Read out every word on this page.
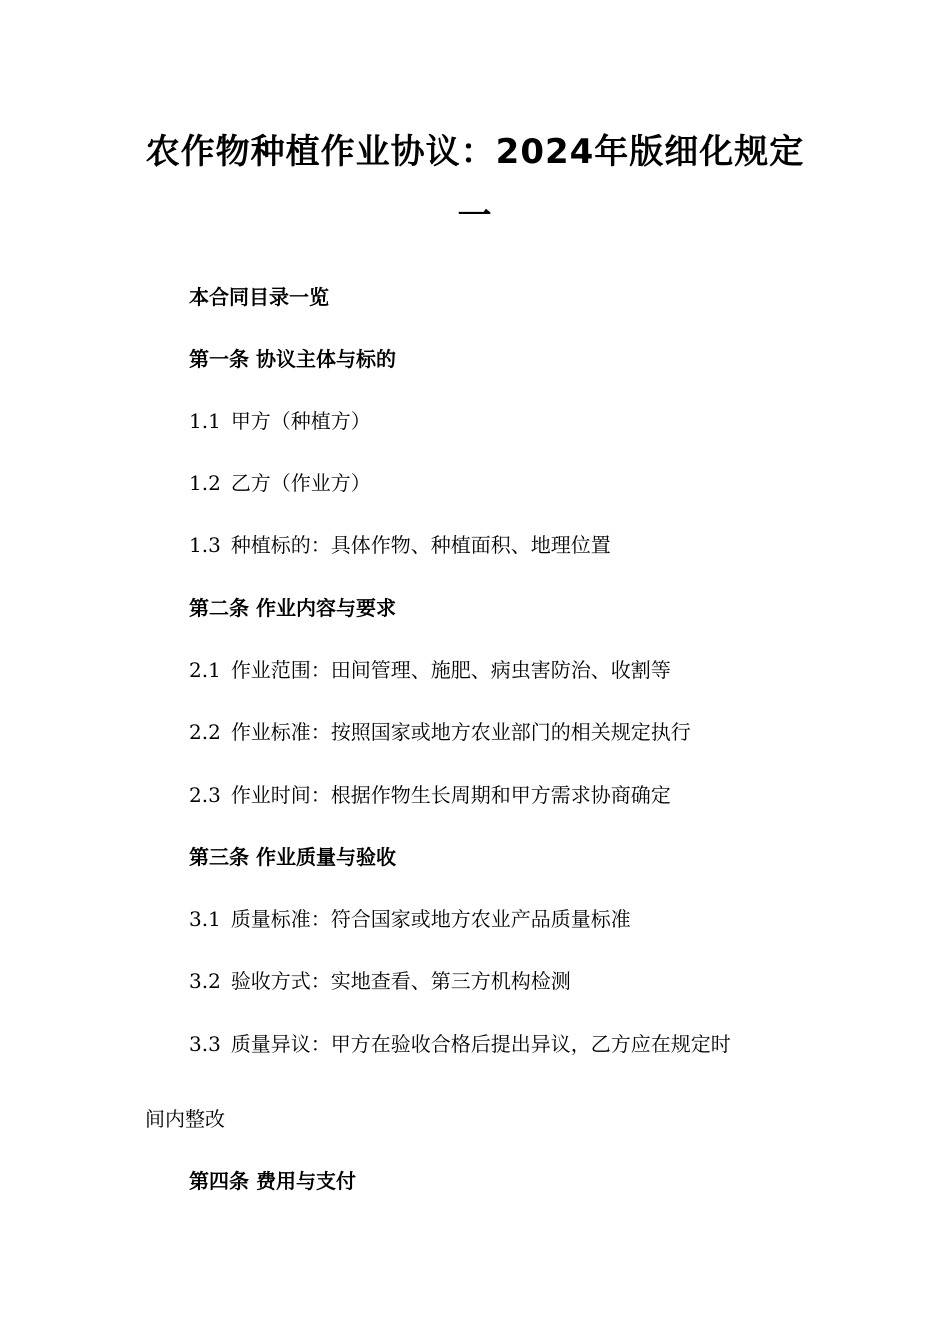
农作物种植作业协议：2024年版细化规定
一

本合同目录一览

第一条 协议主体与标的

1.1 甲方（种植方）

1.2 乙方（作业方）

1.3 种植标的：具体作物、种植面积、地理位置

第二条 作业内容与要求

2.1 作业范围：田间管理、施肥、病虫害防治、收割等

2.2 作业标准：按照国家或地方农业部门的相关规定执行

2.3 作业时间：根据作物生长周期和甲方需求协商确定

第三条 作业质量与验收

3.1 质量标准：符合国家或地方农业产品质量标准

3.2 验收方式：实地查看、第三方机构检测

3.3 质量异议：甲方在验收合格后提出异议，乙方应在规定时

间内整改

第四条 费用与支付
